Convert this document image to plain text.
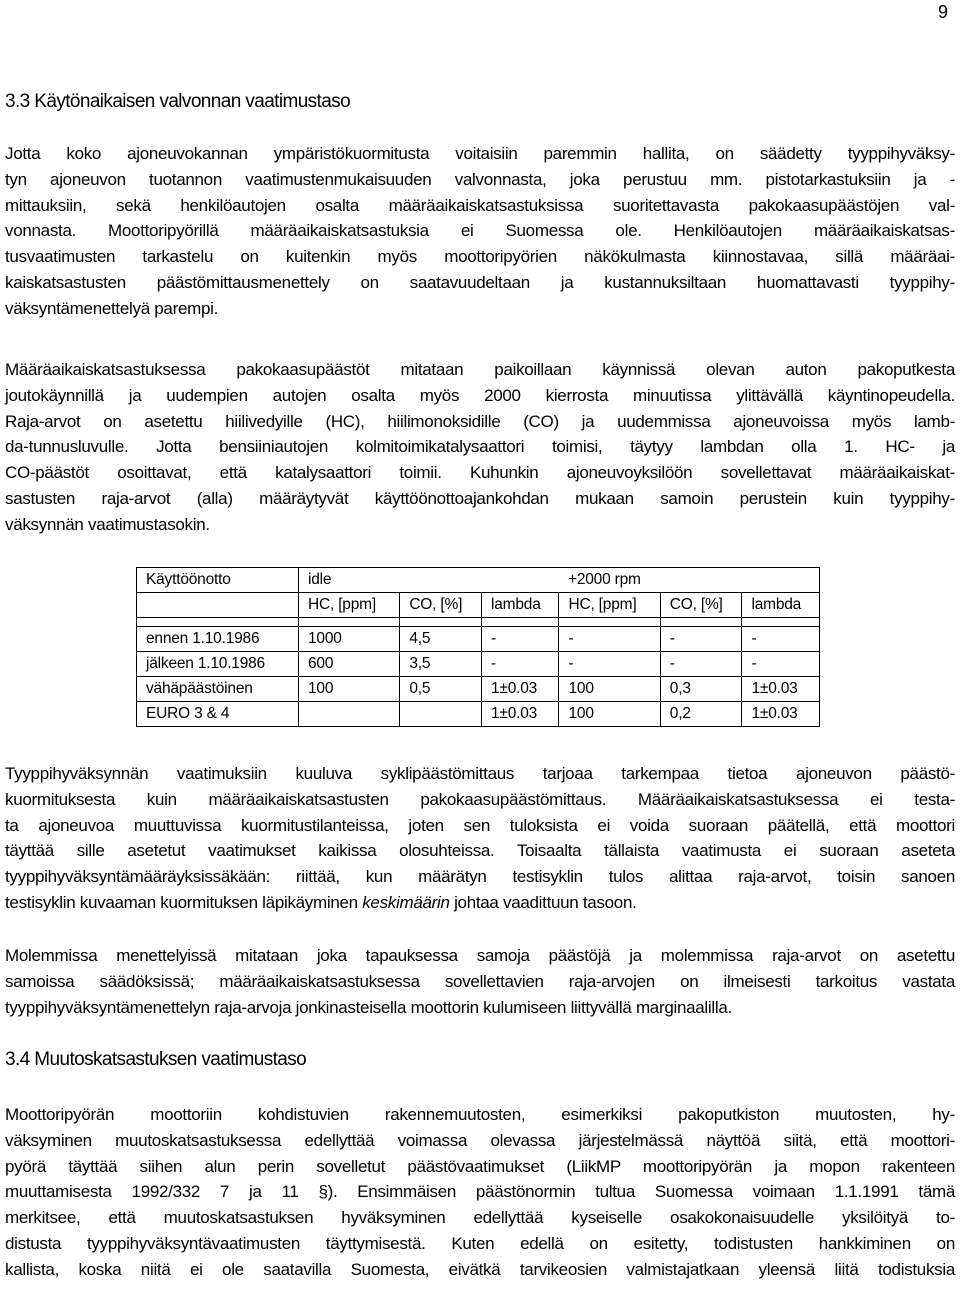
9
3.3 Käytönaikaisen valvonnan vaatimustaso
Jotta koko ajoneuvokannan ympäristökuormitusta voitaisiin paremmin hallita, on säädetty tyyppihyväksy-
tyn ajoneuvon tuotannon vaatimustenmukaisuuden valvonnasta, joka perustuu mm. pistotarkastuksiin ja -
mittauksiin, sekä henkilöautojen osalta määräaikaiskatsastuksissa suoritettavasta pakokaasupäästöjen val-
vonnasta. Moottoripyörillä määräaikaiskatsastuksia ei Suomessa ole. Henkilöautojen määräaikaiskatsas-
tusvaatimusten tarkastelu on kuitenkin myös moottoripyörien näkökulmasta kiinnostavaa, sillä määräai-
kaiskatsastusten päästömittausmenettely on saatavuudeltaan ja kustannuksiltaan huomattavasti tyyppihy-
väksyntämenettelyä parempi.
Määräaikaiskatsastuksessa pakokaasupäästöt mitataan paikoillaan käynnissä olevan auton pakoputkesta
joutokäynnillä ja uudempien autojen osalta myös 2000 kierrosta minuutissa ylittävällä käyntinopeudella.
Raja-arvot on asetettu hiilivedyille (HC), hiilimonoksidille (CO) ja uudemmissa ajoneuvoissa myös lamb-
da-tunnusluvulle. Jotta bensiiniautojen kolmitoimikatalysaattori toimisi, täytyy lambdan olla 1. HC- ja
CO-päästöt osoittavat, että katalysaattori toimii. Kuhunkin ajoneuvoyksilöön sovellettavat määräaikaiskat-
sastusten raja-arvot (alla) määräytyvät käyttöönottoajankohdan mukaan samoin perustein kuin tyyppihy-
väksynnän vaatimustasokin.
Käyttöönotto	idle			+2000 rpm		
	HC, [ppm]	CO, [%]	lambda	HC, [ppm]	CO, [%]	lambda

ennen 1.10.1986	1000	4,5	-	-	-	-
jälkeen 1.10.1986	600	3,5	-	-	-	-
vähäpäästöinen	100	0,5	1±0.03	100	0,3	1±0.03
EURO 3 & 4			1±0.03	100	0,2	1±0.03
Tyyppihyväksynnän vaatimuksiin kuuluva syklipäästömittaus tarjoaa tarkempaa tietoa ajoneuvon päästö-
kuormituksesta kuin määräaikaiskatsastusten pakokaasupäästömittaus. Määräaikaiskatsastuksessa ei testa-
ta ajoneuvoa muuttuvissa kuormitustilanteissa, joten sen tuloksista ei voida suoraan päätellä, että moottori
täyttää sille asetetut vaatimukset kaikissa olosuhteissa. Toisaalta tällaista vaatimusta ei suoraan aseteta
tyyppihyväksyntämääräyksissäkään: riittää, kun määrätyn testisyklin tulos alittaa raja-arvot, toisin sanoen
testisyklin kuvaaman kuormituksen läpikäyminen keskimäärin johtaa vaadittuun tasoon.
Molemmissa menettelyissä mitataan joka tapauksessa samoja päästöjä ja molemmissa raja-arvot on asetettu
samoissa säädöksissä; määräaikaiskatsastuksessa sovellettavien raja-arvojen on ilmeisesti tarkoitus vastata
tyyppihyväksyntämenettelyn raja-arvoja jonkinasteisella moottorin kulumiseen liittyvällä marginaalilla.
3.4 Muutoskatsastuksen vaatimustaso
Moottoripyörän moottoriin kohdistuvien rakennemuutosten, esimerkiksi pakoputkiston muutosten, hy-
väksyminen muutoskatsastuksessa edellyttää voimassa olevassa järjestelmässä näyttöä siitä, että moottori-
pyörä täyttää siihen alun perin sovelletut päästövaatimukset (LiikMP moottoripyörän ja mopon rakenteen
muuttamisesta 1992/332 7 ja 11 §). Ensimmäisen päästönormin tultua Suomessa voimaan 1.1.1991 tämä
merkitsee, että muutoskatsastuksen hyväksyminen edellyttää kyseiselle osakokonaisuudelle yksilöityä to-
distusta tyyppihyväksyntävaatimusten täyttymisestä. Kuten edellä on esitetty, todistusten hankkiminen on
kallista, koska niitä ei ole saatavilla Suomesta, eivätkä tarvikeosien valmistajatkaan yleensä liitä todistuksia
